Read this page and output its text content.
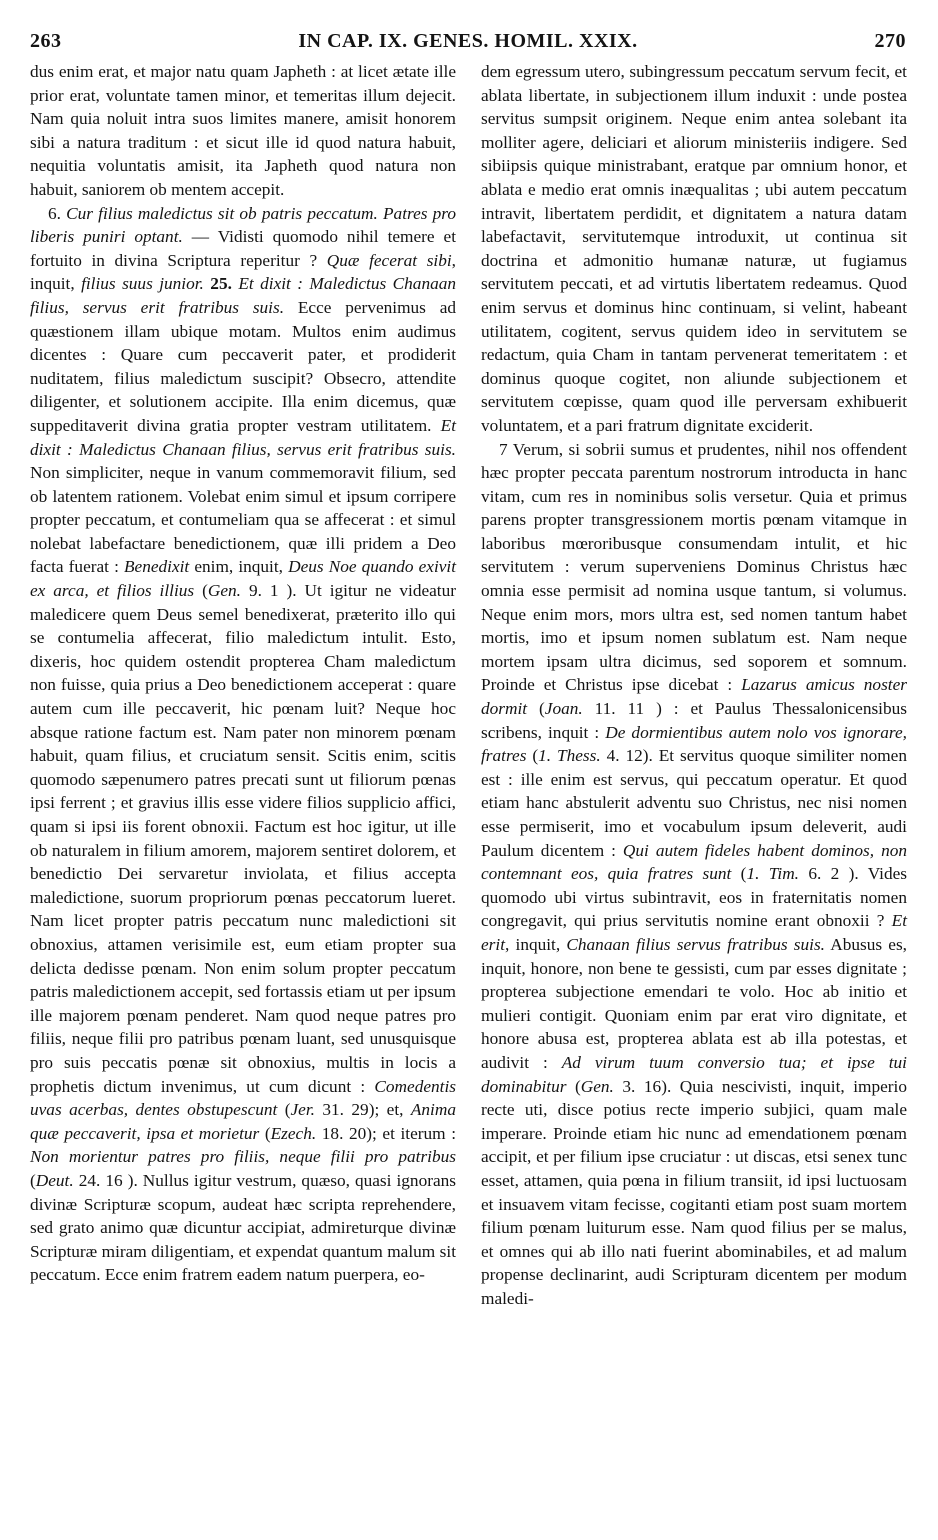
263	IN CAP. IX. GENES. HOMIL. XXIX.	270

dus enim erat, et major natu quam Japheth : at licet ætate ille prior erat, voluntate tamen minor, et temeritas illum dejecit. Nam quia noluit intra suos limites manere, amisit honorem sibi a natura traditum : et sicut ille id quod natura habuit, nequitia voluntatis amisit, ita Japheth quod natura non habuit, saniorem ob mentem accepit.

6. Cur filius maledictus sit ob patris peccatum. Patres pro liberis puniri optant. — Vidisti quomodo nihil temere et fortuito in divina Scriptura reperitur ? Quæ fecerat sibi, inquit, filius suus junior. 25. Et dixit : Maledictus Chanaan filius, servus erit fratribus suis. Ecce pervenimus ad quæstionem illam ubique motam. Multos enim audimus dicentes : Quare cum peccaverit pater, et prodiderit nuditatem, filius maledictum suscipit? Obsecro, attendite diligenter, et solutionem accipite. Illa enim dicemus, quæ suppeditaverit divina gratia propter vestram utilitatem. Et dixit : Maledictus Chanaan filius, servus erit fratribus suis. Non simpliciter, neque in vanum commemoravit filium, sed ob latentem rationem. Volebat enim simul et ipsum corripere propter peccatum, et contumeliam qua se affecerat : et simul nolebat labefactare benedictionem, quæ illi pridem a Deo facta fuerat : Benedixit enim, inquit, Deus Noe quando exivit ex arca, et filios illius (Gen. 9. 1 ). Ut igitur ne videatur maledicere quem Deus semel benedixerat, præterito illo qui se contumelia affecerat, filio maledictum intulit. Esto, dixeris, hoc quidem ostendit propterea Cham maledictum non fuisse, quia prius a Deo benedictionem acceperat : quare autem cum ille peccaverit, hic pœnam luit? Neque hoc absque ratione factum est. Nam pater non minorem pœnam habuit, quam filius, et cruciatum sensit. Scitis enim, scitis quomodo sæpenumero patres precati sunt ut filiorum pœnas ipsi ferrent ; et gravius illis esse videre filios supplicio affici, quam si ipsi iis forent obnoxii. Factum est hoc igitur, ut ille ob naturalem in filium amorem, majorem sentiret dolorem, et benedictio Dei servaretur inviolata, et filius accepta maledictione, suorum propriorum pœnas peccatorum lueret. Nam licet propter patris peccatum nunc maledictioni sit obnoxius, attamen verisimile est, eum etiam propter sua delicta dedisse pœnam. Non enim solum propter peccatum patris maledictionem accepit, sed fortassis etiam ut per ipsum ille majorem pœnam penderet. Nam quod neque patres pro filiis, neque filii pro patribus pœnam luant, sed unusquisque pro suis peccatis pœnæ sit obnoxius, multis in locis a prophetis dictum invenimus, ut cum dicunt : Comedentis uvas acerbas, dentes obstupescunt (Jer. 31. 29); et, Anima quæ peccaverit, ipsa et morietur (Ezech. 18. 20); et iterum : Non morientur patres pro filiis, neque filii pro patribus (Deut. 24. 16 ). Nullus igitur vestrum, quæso, quasi ignorans divinæ Scripturæ scopum, audeat hæc scripta reprehendere, sed grato animo quæ dicuntur accipiat, admireturque divinæ Scripturæ miram diligentiam, et expendat quantum malum sit peccatum. Ecce enim fratrem eadem natum puerpera, eo-

dem egressum utero, subingressum peccatum servum fecit, et ablata libertate, in subjectionem illum induxit : unde postea servitus sumpsit originem. Neque enim antea solebant ita molliter agere, deliciari et aliorum ministeriis indigere. Sed sibiipsis quique ministrabant, eratque par omnium honor, et ablata e medio erat omnis inæqualitas ; ubi autem peccatum intravit, libertatem perdidit, et dignitatem a natura datam labefactavit, servitutemque introduxit, ut continua sit doctrina et admonitio humanæ naturæ, ut fugiamus servitutem peccati, et ad virtutis libertatem redeamus. Quod enim servus et dominus hinc continuam, si velint, habeant utilitatem, cogitent, servus quidem ideo in servitutem se redactum, quia Cham in tantam pervenerat temeritatem : et dominus quoque cogitet, non aliunde subjectionem et servitutem cœpisse, quam quod ille perversam exhibuerit voluntatem, et a pari fratrum dignitate exciderit.

7 Verum, si sobrii sumus et prudentes, nihil nos offendent hæc propter peccata parentum nostrorum introducta in hanc vitam, cum res in nominibus solis versetur. Quia et primus parens propter transgressionem mortis pœnam vitamque in laboribus mœroribusque consumendam intulit, et hic servitutem : verum superveniens Dominus Christus hæc omnia esse permisit ad nomina usque tantum, si volumus. Neque enim mors, mors ultra est, sed nomen tantum habet mortis, imo et ipsum nomen sublatum est. Nam neque mortem ipsam ultra dicimus, sed soporem et somnum. Proinde et Christus ipse dicebat : Lazarus amicus noster dormit (Joan. 11. 11 ) : et Paulus Thessalonicensibus scribens, inquit : De dormientibus autem nolo vos ignorare, fratres (1. Thess. 4. 12). Et servitus quoque similiter nomen est : ille enim est servus, qui peccatum operatur. Et quod etiam hanc abstulerit adventu suo Christus, nec nisi nomen esse permiserit, imo et vocabulum ipsum deleverit, audi Paulum dicentem : Qui autem fideles habent dominos, non contemnant eos, quia fratres sunt (1. Tim. 6. 2 ). Vides quomodo ubi virtus subintravit, eos in fraternitatis nomen congregavit, qui prius servitutis nomine erant obnoxii ? Et erit, inquit, Chanaan filius servus fratribus suis. Abusus es, inquit, honore, non bene te gessisti, cum par esses dignitate ; propterea subjectione emendari te volo. Hoc ab initio et mulieri contigit. Quoniam enim par erat viro dignitate, et honore abusa est, propterea ablata est ab illa potestas, et audivit : Ad virum tuum conversio tua; et ipse tui dominabitur (Gen. 3. 16). Quia nescivisti, inquit, imperio recte uti, disce potius recte imperio subjici, quam male imperare. Proinde etiam hic nunc ad emendationem pœnam accipit, et per filium ipse cruciatur : ut discas, etsi senex tunc esset, attamen, quia pœna in filium transiit, id ipsi luctuosam et insuavem vitam fecisse, cogitanti etiam post suam mortem filium pœnam luiturum esse. Nam quod filius per se malus, et omnes qui ab illo nati fuerint abominabiles, et ad malum propense declinarint, audi Scripturam dicentem per modum maledi-
